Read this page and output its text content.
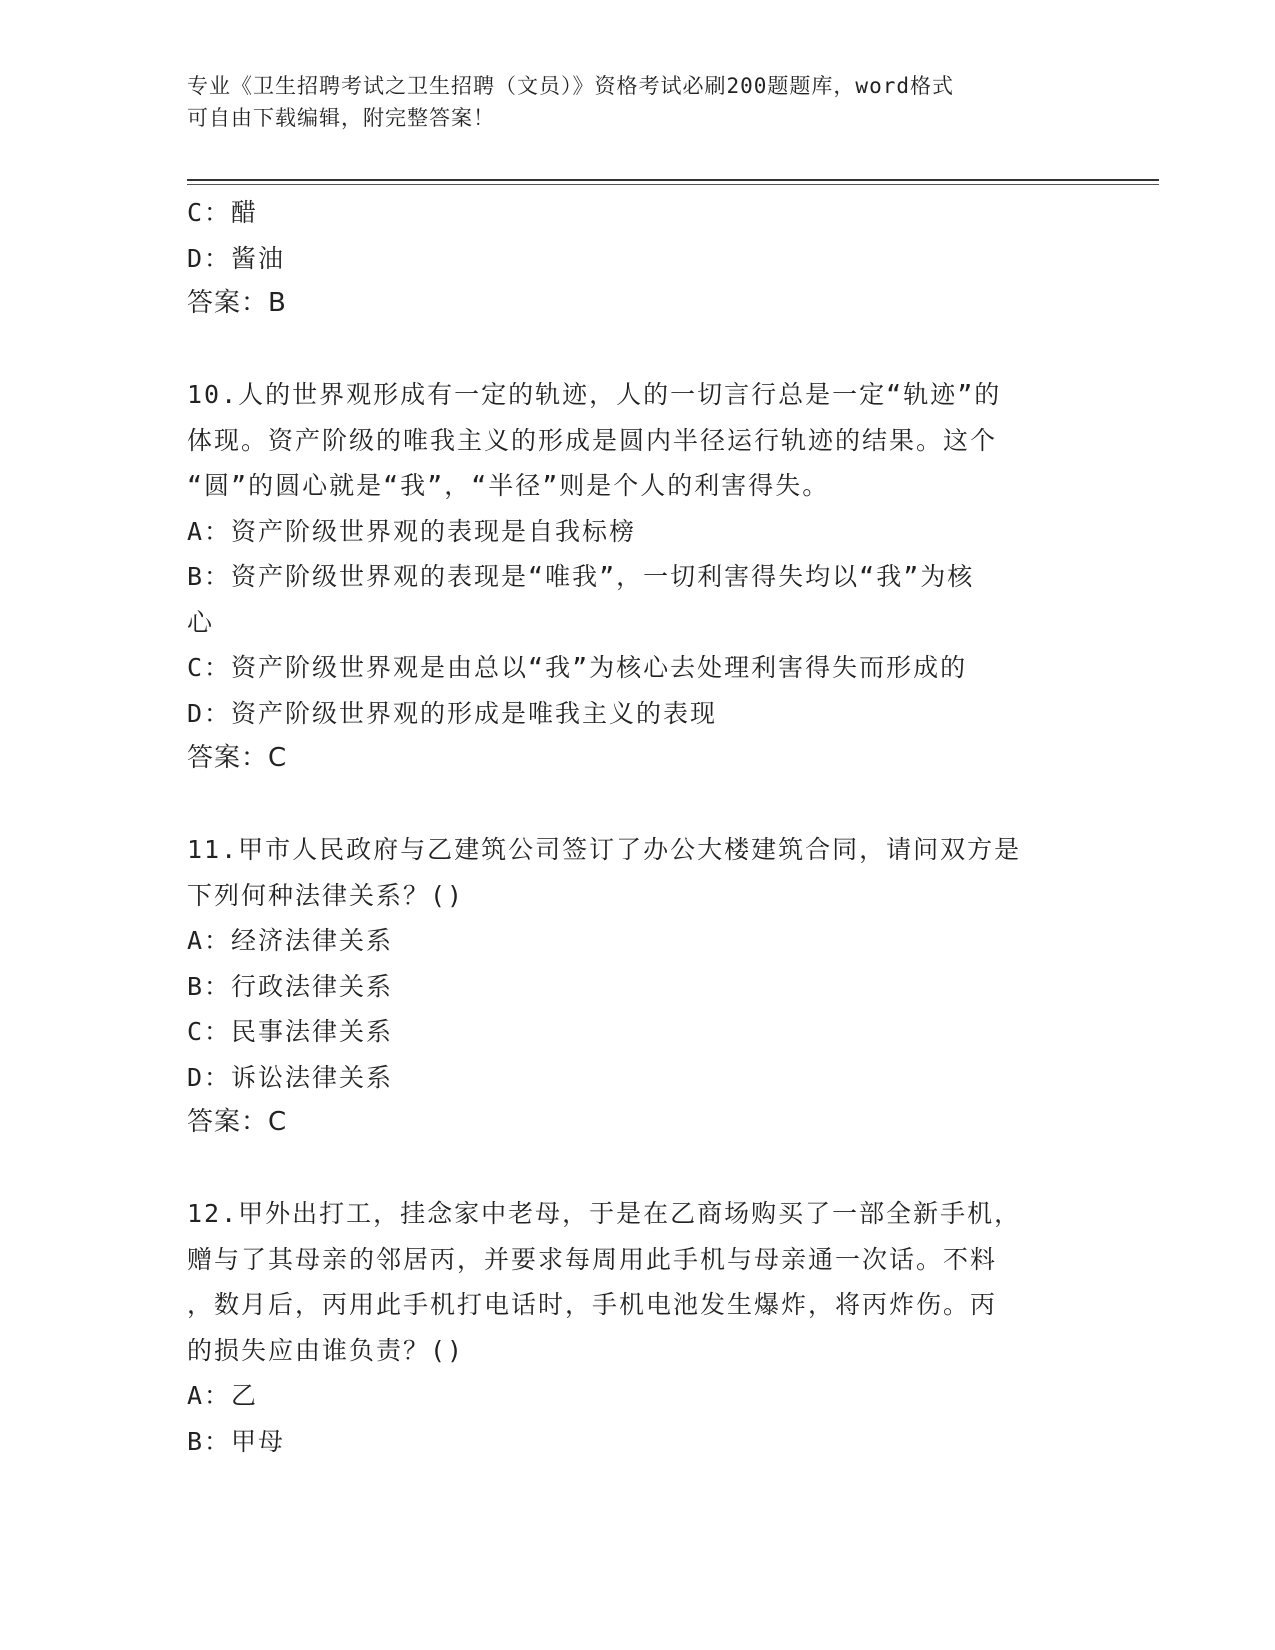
专业《卫生招聘考试之卫生招聘（文员）》资格考试必刷200题题库，word格式
可自由下载编辑，附完整答案！
C：醋
D：酱油
答案：B
10.人的世界观形成有一定的轨迹，人的一切言行总是一定“轨迹”的
体现。资产阶级的唯我主义的形成是圆内半径运行轨迹的结果。这个
“圆”的圆心就是“我”，“半径”则是个人的利害得失。
A：资产阶级世界观的表现是自我标榜
B：资产阶级世界观的表现是“唯我”，一切利害得失均以“我”为核
心
C：资产阶级世界观是由总以“我”为核心去处理利害得失而形成的
D：资产阶级世界观的形成是唯我主义的表现
答案：C
11.甲市人民政府与乙建筑公司签订了办公大楼建筑合同，请问双方是
下列何种法律关系？()
A：经济法律关系
B：行政法律关系
C：民事法律关系
D：诉讼法律关系
答案：C
12.甲外出打工，挂念家中老母，于是在乙商场购买了一部全新手机，
赠与了其母亲的邻居丙，并要求每周用此手机与母亲通一次话。不料
，数月后，丙用此手机打电话时，手机电池发生爆炸，将丙炸伤。丙
的损失应由谁负责？()
A：乙
B：甲母
